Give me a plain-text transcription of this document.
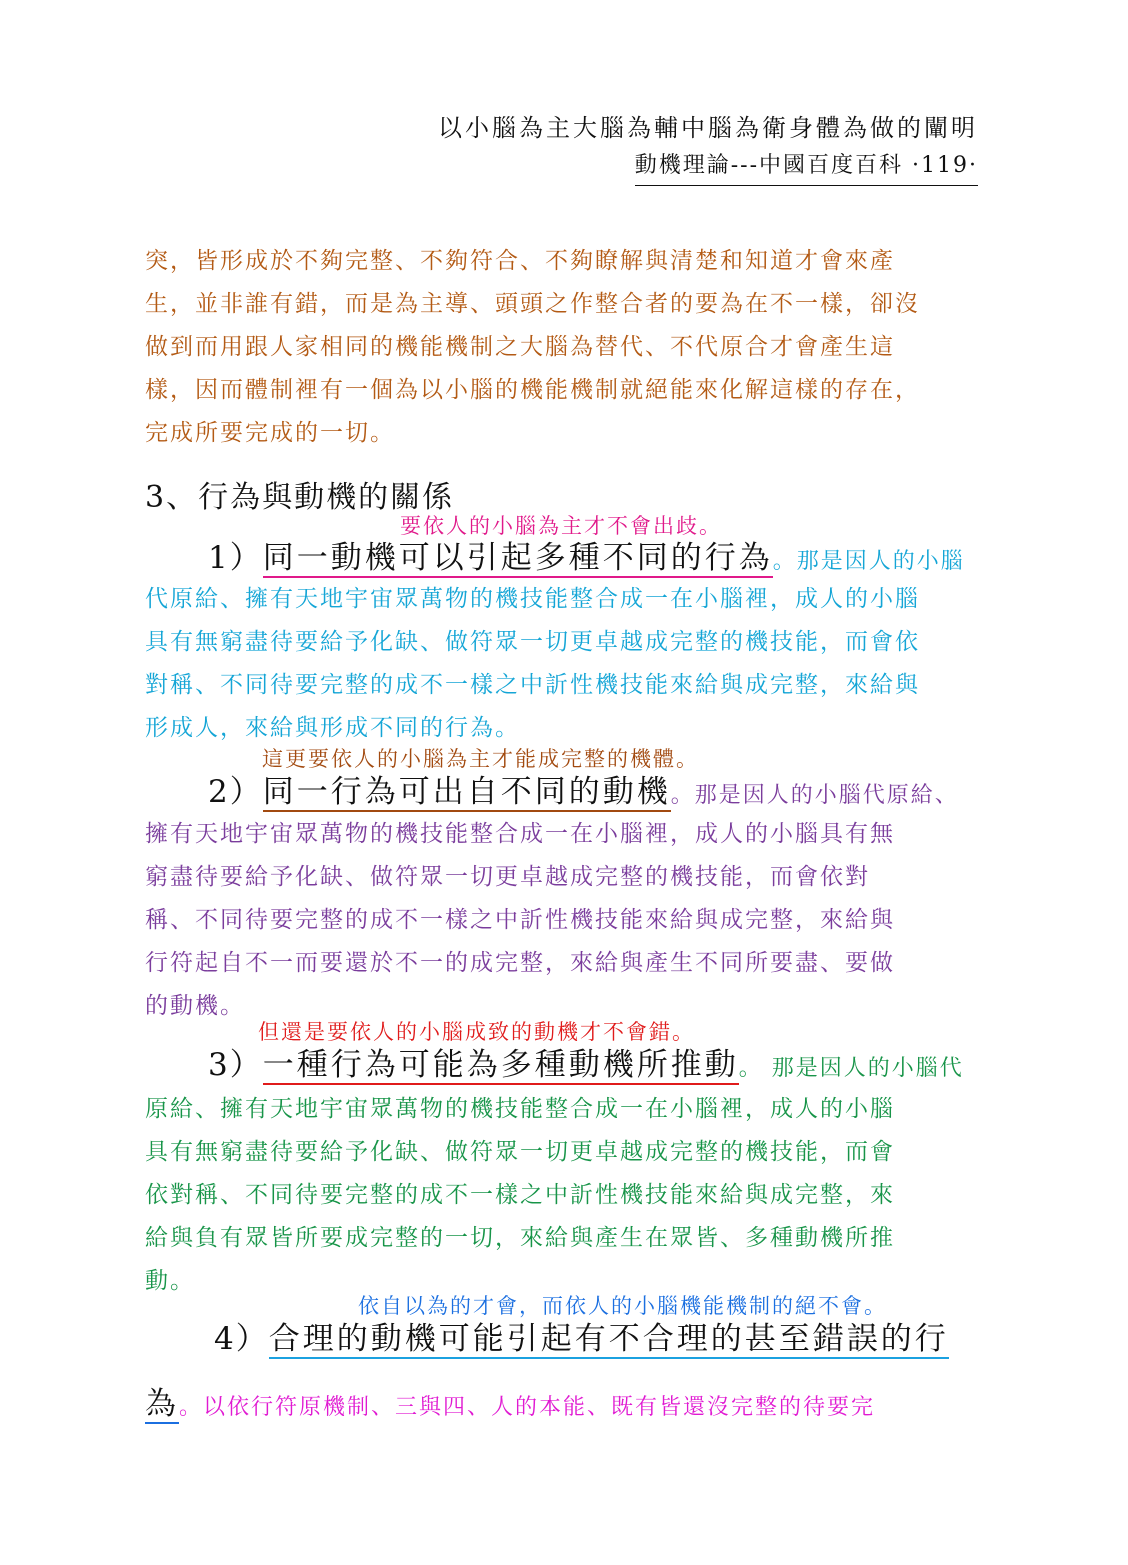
以小腦為主大腦為輔中腦為衛身體為做的闡明
動機理論---中國百度百科 ·119·
突，皆形成於不夠完整、不夠符合、不夠瞭解與清楚和知道才會來產
生，並非誰有錯，而是為主導、頭頭之作整合者的要為在不一樣，卻沒
做到而用跟人家相同的機能機制之大腦為替代、不代原合才會產生這
樣，因而體制裡有一個為以小腦的機能機制就絕能來化解這樣的存在，
完成所要完成的一切。
3、行為與動機的關係
要依人的小腦為主才不會出歧。
1）同一動機可以引起多種不同的行為。那是因人的小腦
代原給、擁有天地宇宙眾萬物的機技能整合成一在小腦裡，成人的小腦
具有無窮盡待要給予化缺、做符眾一切更卓越成完整的機技能，而會依
對稱、不同待要完整的成不一樣之中訢性機技能來給與成完整，來給與
形成人，來給與形成不同的行為。
這更要依人的小腦為主才能成完整的機體。
2）同一行為可出自不同的動機。那是因人的小腦代原給、
擁有天地宇宙眾萬物的機技能整合成一在小腦裡，成人的小腦具有無
窮盡待要給予化缺、做符眾一切更卓越成完整的機技能，而會依對
稱、不同待要完整的成不一樣之中訢性機技能來給與成完整，來給與
行符起自不一而要還於不一的成完整，來給與產生不同所要盡、要做
的動機。
但還是要依人的小腦成致的動機才不會錯。
3）一種行為可能為多種動機所推動。 那是因人的小腦代
原給、擁有天地宇宙眾萬物的機技能整合成一在小腦裡，成人的小腦
具有無窮盡待要給予化缺、做符眾一切更卓越成完整的機技能，而會
依對稱、不同待要完整的成不一樣之中訢性機技能來給與成完整，來
給與負有眾皆所要成完整的一切，來給與產生在眾皆、多種動機所推
動。
依自以為的才會，而依人的小腦機能機制的絕不會。
4）合理的動機可能引起有不合理的甚至錯誤的行
為。以依行符原機制、三與四、人的本能、既有皆還沒完整的待要完
